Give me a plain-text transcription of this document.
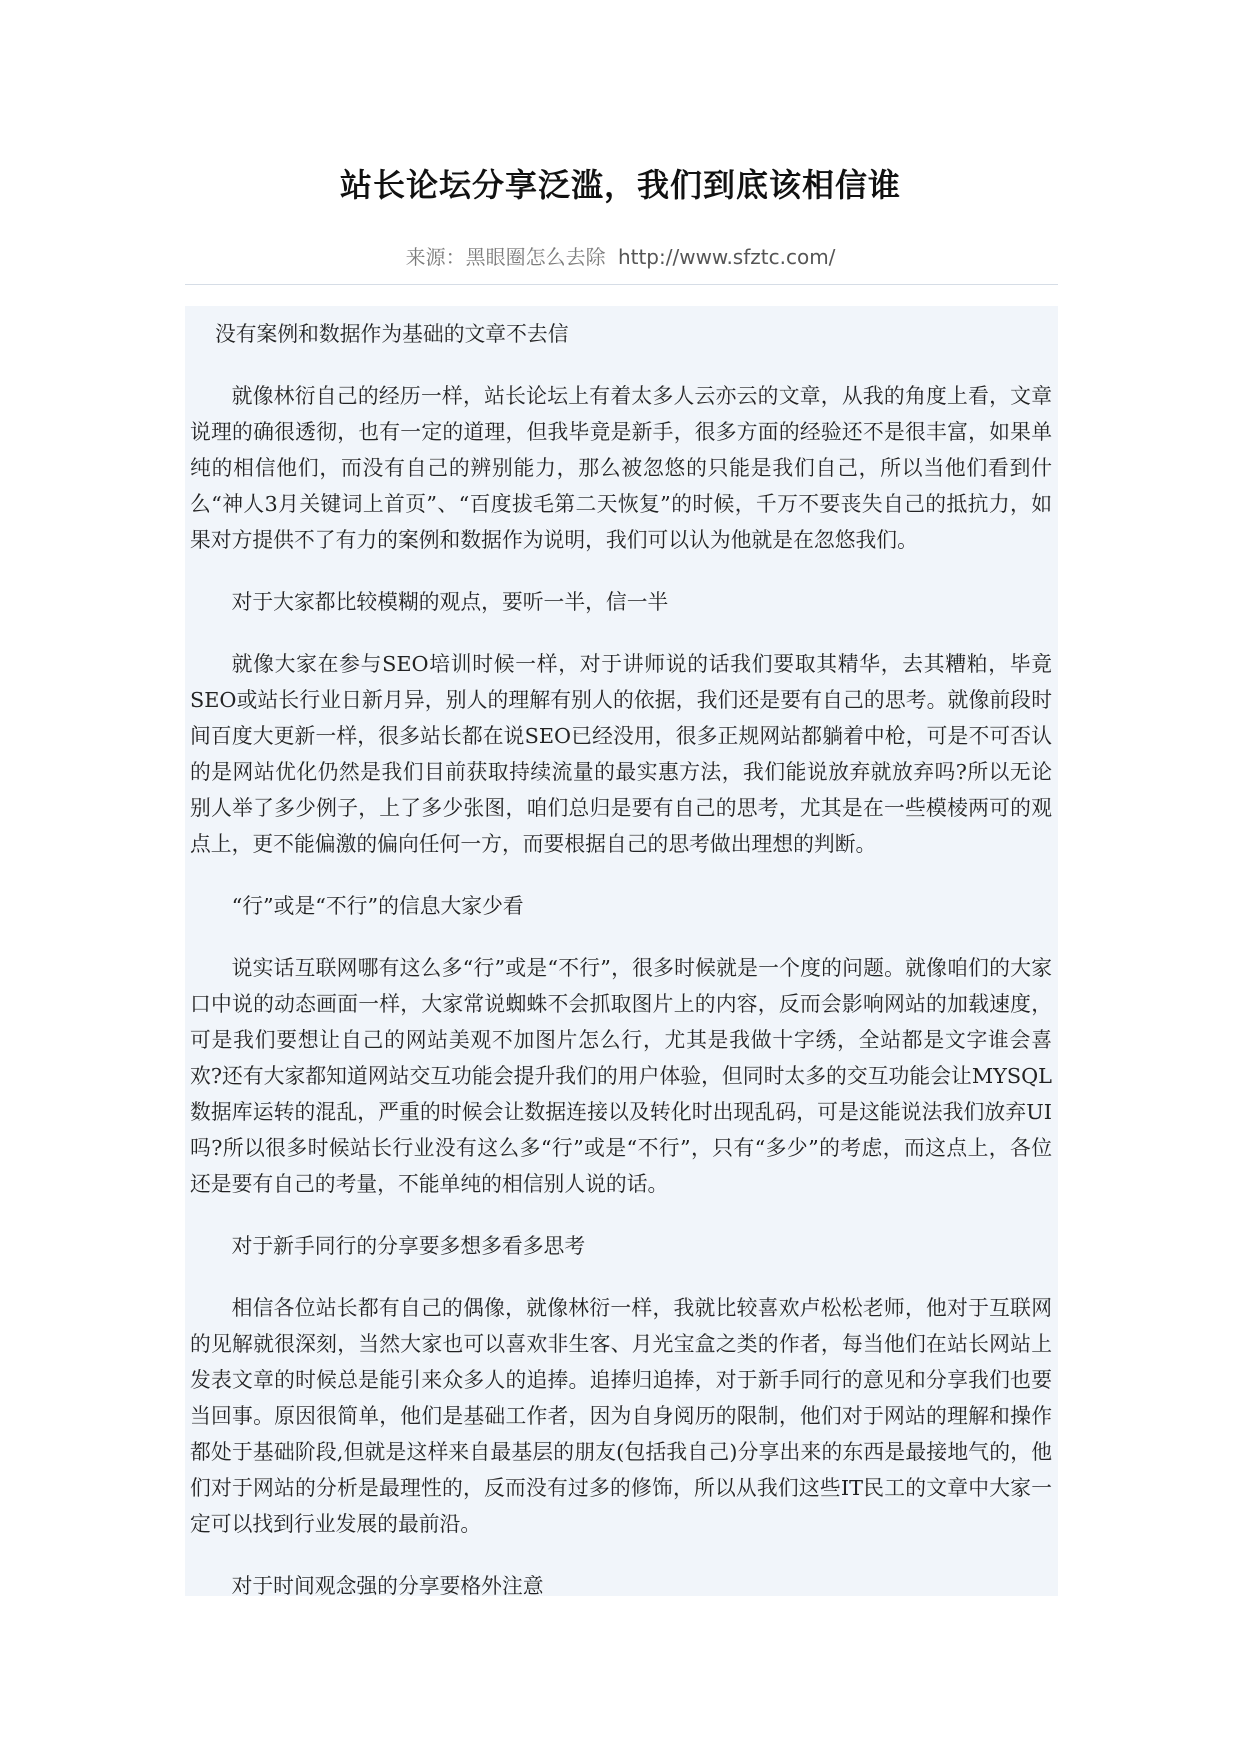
站长论坛分享泛滥，我们到底该相信谁
来源：黑眼圈怎么去除 http://www.sfztc.com/

没有案例和数据作为基础的文章不去信

就像林衍自己的经历一样，站长论坛上有着太多人云亦云的文章，从我的角度上看，文章说理的确很透彻，也有一定的道理，但我毕竟是新手，很多方面的经验还不是很丰富，如果单纯的相信他们，而没有自己的辨别能力，那么被忽悠的只能是我们自己，所以当他们看到什么“神人3月关键词上首页”、“百度拔毛第二天恢复”的时候，千万不要丧失自己的抵抗力，如果对方提供不了有力的案例和数据作为说明，我们可以认为他就是在忽悠我们。

对于大家都比较模糊的观点，要听一半，信一半

就像大家在参与SEO培训时候一样，对于讲师说的话我们要取其精华，去其糟粕，毕竟SEO或站长行业日新月异，别人的理解有别人的依据，我们还是要有自己的思考。就像前段时间百度大更新一样，很多站长都在说SEO已经没用，很多正规网站都躺着中枪，可是不可否认的是网站优化仍然是我们目前获取持续流量的最实惠方法，我们能说放弃就放弃吗?所以无论别人举了多少例子，上了多少张图，咱们总归是要有自己的思考，尤其是在一些模棱两可的观点上，更不能偏激的偏向任何一方，而要根据自己的思考做出理想的判断。

“行”或是“不行”的信息大家少看

说实话互联网哪有这么多“行”或是“不行”，很多时候就是一个度的问题。就像咱们的大家口中说的动态画面一样，大家常说蜘蛛不会抓取图片上的内容，反而会影响网站的加载速度，可是我们要想让自己的网站美观不加图片怎么行，尤其是我做十字绣，全站都是文字谁会喜欢?还有大家都知道网站交互功能会提升我们的用户体验，但同时太多的交互功能会让MYSQL数据库运转的混乱，严重的时候会让数据连接以及转化时出现乱码，可是这能说法我们放弃UI吗?所以很多时候站长行业没有这么多“行”或是“不行”，只有“多少”的考虑，而这点上，各位还是要有自己的考量，不能单纯的相信别人说的话。

对于新手同行的分享要多想多看多思考

相信各位站长都有自己的偶像，就像林衍一样，我就比较喜欢卢松松老师，他对于互联网的见解就很深刻，当然大家也可以喜欢非生客、月光宝盒之类的作者，每当他们在站长网站上发表文章的时候总是能引来众多人的追捧。追捧归追捧，对于新手同行的意见和分享我们也要当回事。原因很简单，他们是基础工作者，因为自身阅历的限制，他们对于网站的理解和操作都处于基础阶段,但就是这样来自最基层的朋友(包括我自己)分享出来的东西是最接地气的，他们对于网站的分析是最理性的，反而没有过多的修饰，所以从我们这些IT民工的文章中大家一定可以找到行业发展的最前沿。

对于时间观念强的分享要格外注意
